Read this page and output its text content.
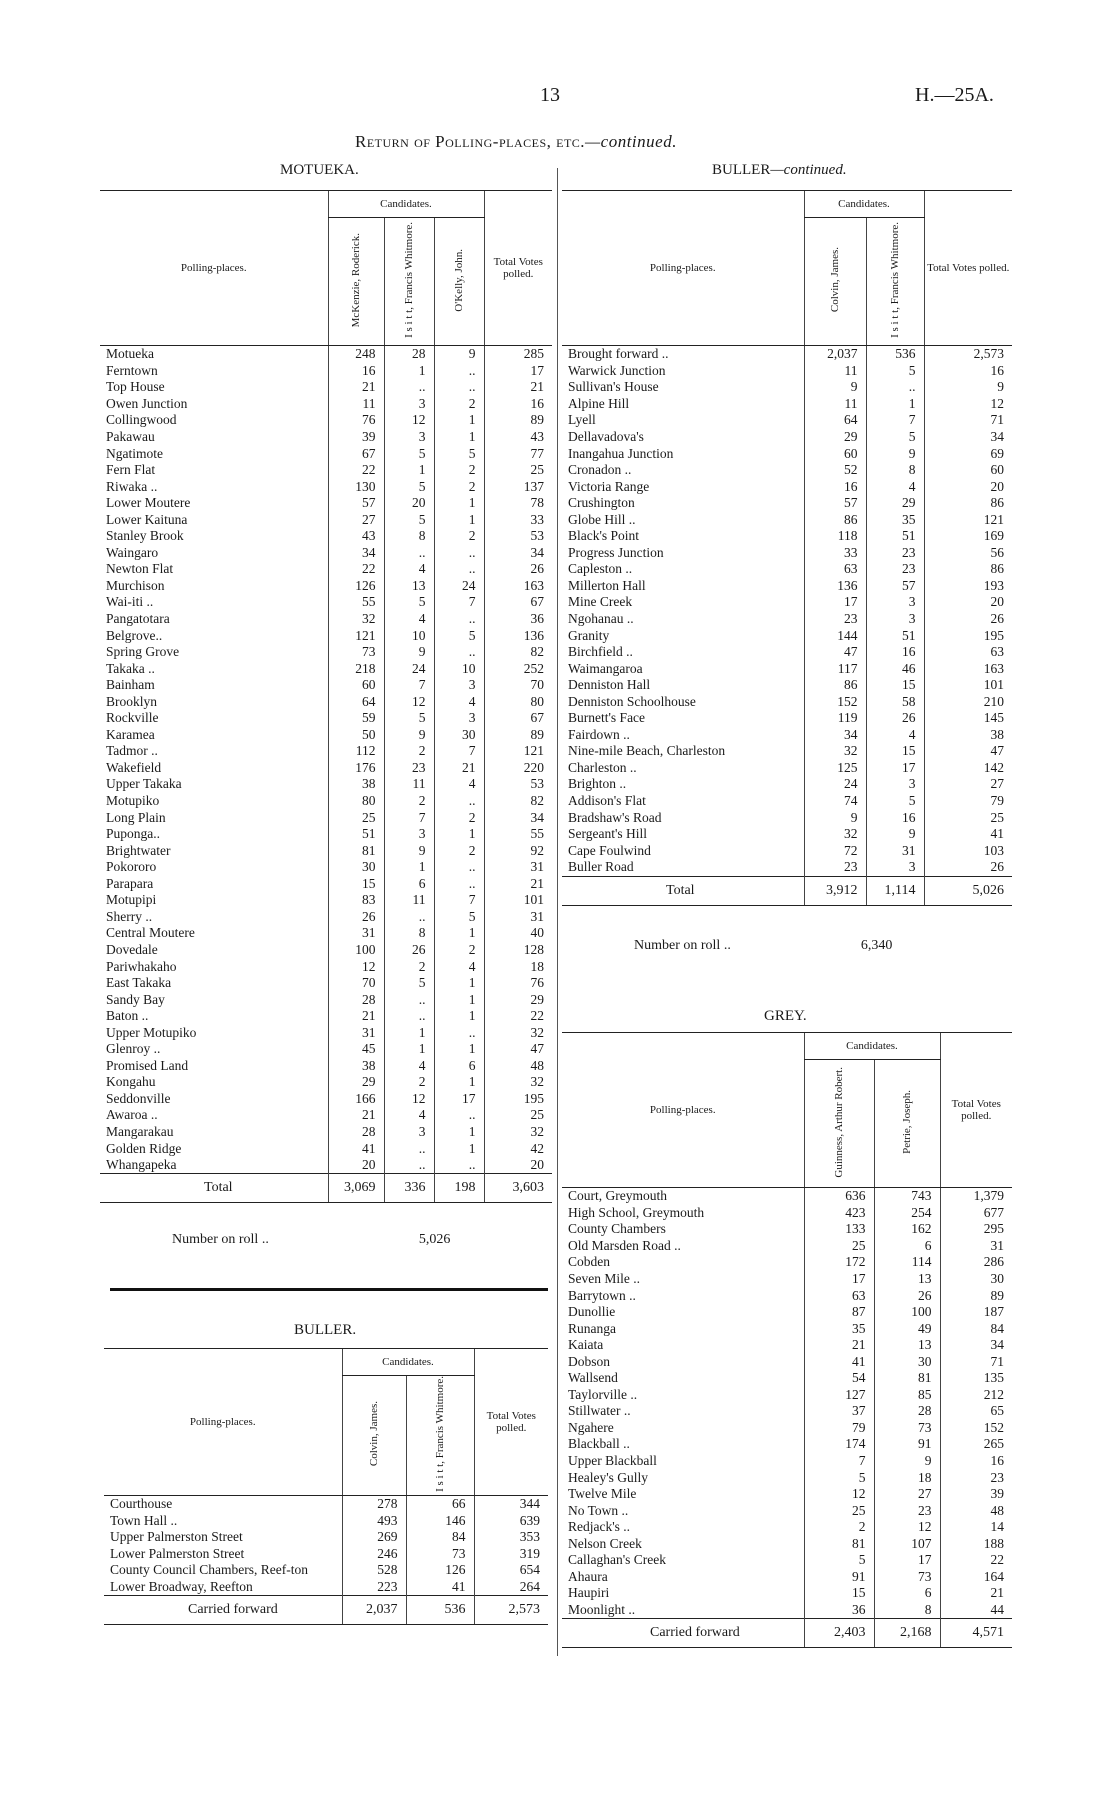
13	H.—25A.
Return of Polling-places, etc.—continued.
MOTUEKA.
Polling-places.	Candidates.			Total Votes polled.
	McKenzie, Roderick.	I s i t t, Francis Whitmore.	O'Kelly, John.	
Motueka	248	28	9	285
Ferntown	16	1	..	17
Top House	21	..	..	21
Owen Junction	11	3	2	16
Collingwood	76	12	1	89
Pakawau	39	3	1	43
Ngatimote	67	5	5	77
Fern Flat	22	1	2	25
Riwaka ..	130	5	2	137
Lower Moutere	57	20	1	78
Lower Kaituna	27	5	1	33
Stanley Brook	43	8	2	53
Waingaro	34	..	..	34
Newton Flat	22	4	..	26
Murchison	126	13	24	163
Wai-iti ..	55	5	7	67
Pangatotara	32	4	..	36
Belgrove..	121	10	5	136
Spring Grove	73	9	..	82
Takaka ..	218	24	10	252
Bainham	60	7	3	70
Brooklyn	64	12	4	80
Rockville	59	5	3	67
Karamea	50	9	30	89
Tadmor ..	112	2	7	121
Wakefield	176	23	21	220
Upper Takaka	38	11	4	53
Motupiko	80	2	..	82
Long Plain	25	7	2	34
Puponga..	51	3	1	55
Brightwater	81	9	2	92
Pokororo	30	1	..	31
Parapara	15	6	..	21
Motupipi	83	11	7	101
Sherry ..	26	..	5	31
Central Moutere	31	8	1	40
Dovedale	100	26	2	128
Pariwhakaho	12	2	4	18
East Takaka	70	5	1	76
Sandy Bay	28	..	1	29
Baton ..	21	..	1	22
Upper Motupiko	31	1	..	32
Glenroy ..	45	1	1	47
Promised Land	38	4	6	48
Kongahu	29	2	1	32
Seddonville	166	12	17	195
Awaroa ..	21	4	..	25
Mangarakau	28	3	1	32
Golden Ridge	41	..	1	42
Whangapeka	20	..	..	20
Total	3,069	336	198	3,603
Number on roll ..	5,026
BULLER.
Polling-places.	Candidates.		Total Votes polled.
	Colvin, James.	I s i t t, Francis Whitmore.	
Courthouse	278	66	344
Town Hall ..	493	146	639
Upper Palmerston Street	269	84	353
Lower Palmerston Street	246	73	319
County Council Chambers, Reef-ton	528	126	654
Lower Broadway, Reefton	223	41	264
Carried forward	2,037	536	2,573
BULLER—continued.
Polling-places.	Candidates.		Total Votes polled.
	Colvin, James.	I s i t t, Francis Whitmore.	
Brought forward ..	2,037	536	2,573
Warwick Junction	11	5	16
Sullivan's House	9	..	9
Alpine Hill	11	1	12
Lyell	64	7	71
Dellavadova's	29	5	34
Inangahua Junction	60	9	69
Cronadon ..	52	8	60
Victoria Range	16	4	20
Crushington	57	29	86
Globe Hill ..	86	35	121
Black's Point	118	51	169
Progress Junction	33	23	56
Capleston ..	63	23	86
Millerton Hall	136	57	193
Mine Creek	17	3	20
Ngohanau ..	23	3	26
Granity	144	51	195
Birchfield ..	47	16	63
Waimangaroa	117	46	163
Denniston Hall	86	15	101
Denniston Schoolhouse	152	58	210
Burnett's Face	119	26	145
Fairdown ..	34	4	38
Nine-mile Beach, Charleston	32	15	47
Charleston ..	125	17	142
Brighton ..	24	3	27
Addison's Flat	74	5	79
Bradshaw's Road	9	16	25
Sergeant's Hill	32	9	41
Cape Foulwind	72	31	103
Buller Road	23	3	26
Total	3,912	1,114	5,026
Number on roll ..	6,340
GREY.
Polling-places.	Candidates.		Total Votes polled.
	Guinness, Arthur Robert.	Petrie, Joseph.	
Court, Greymouth	636	743	1,379
High School, Greymouth	423	254	677
County Chambers	133	162	295
Old Marsden Road ..	25	6	31
Cobden	172	114	286
Seven Mile ..	17	13	30
Barrytown ..	63	26	89
Dunollie	87	100	187
Runanga	35	49	84
Kaiata	21	13	34
Dobson	41	30	71
Wallsend	54	81	135
Taylorville ..	127	85	212
Stillwater ..	37	28	65
Ngahere	79	73	152
Blackball ..	174	91	265
Upper Blackball	7	9	16
Healey's Gully	5	18	23
Twelve Mile	12	27	39
No Town ..	25	23	48
Redjack's ..	2	12	14
Nelson Creek	81	107	188
Callaghan's Creek	5	17	22
Ahaura	91	73	164
Haupiri	15	6	21
Moonlight ..	36	8	44
Carried forward	2,403	2,168	4,571
